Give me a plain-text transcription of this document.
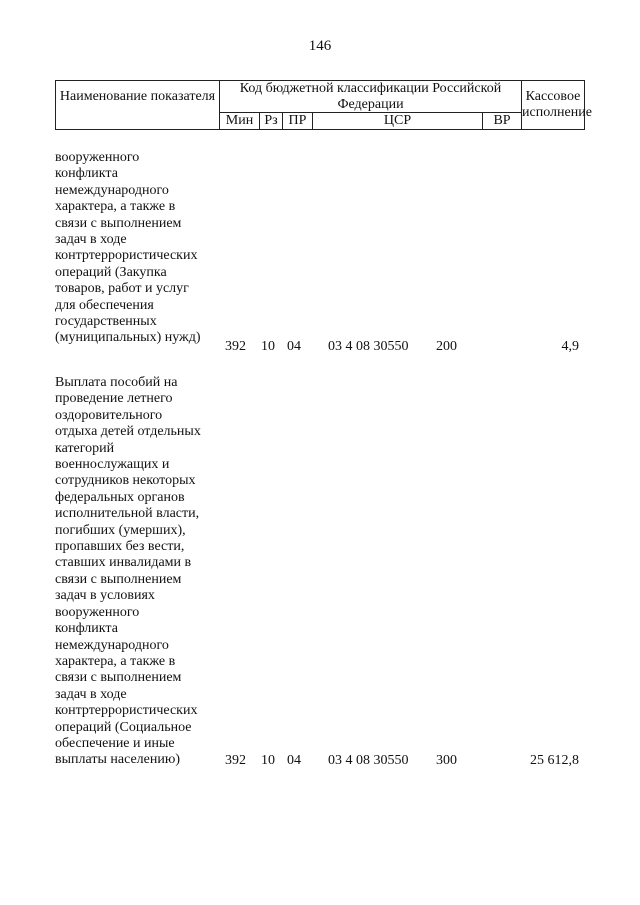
146
Наименование показателя
Код бюджетной классификации Российской Федерации
Мин Рз ПР	ЦСР	ВР
Кассовое исполнение
вооруженного
конфликта
немеждународного
характера, а также в
связи с выполнением
задач в ходе
контртеррористических
операций (Закупка
товаров, работ и услуг
для обеспечения
государственных
(муниципальных) нужд)
392 10 04 03 4 08 30550 200	4,9
Выплата пособий на
проведение летнего
оздоровительного
отдыха детей отдельных
категорий
военнослужащих и
сотрудников некоторых
федеральных органов
исполнительной власти,
погибших (умерших),
пропавших без вести,
ставших инвалидами в
связи с выполнением
задач в условиях
вооруженного
конфликта
немеждународного
характера, а также в
связи с выполнением
задач в ходе
контртеррористических
операций (Социальное
обеспечение и иные
выплаты населению)	392 10 04 03 4 08 30550 300	25 612,8
